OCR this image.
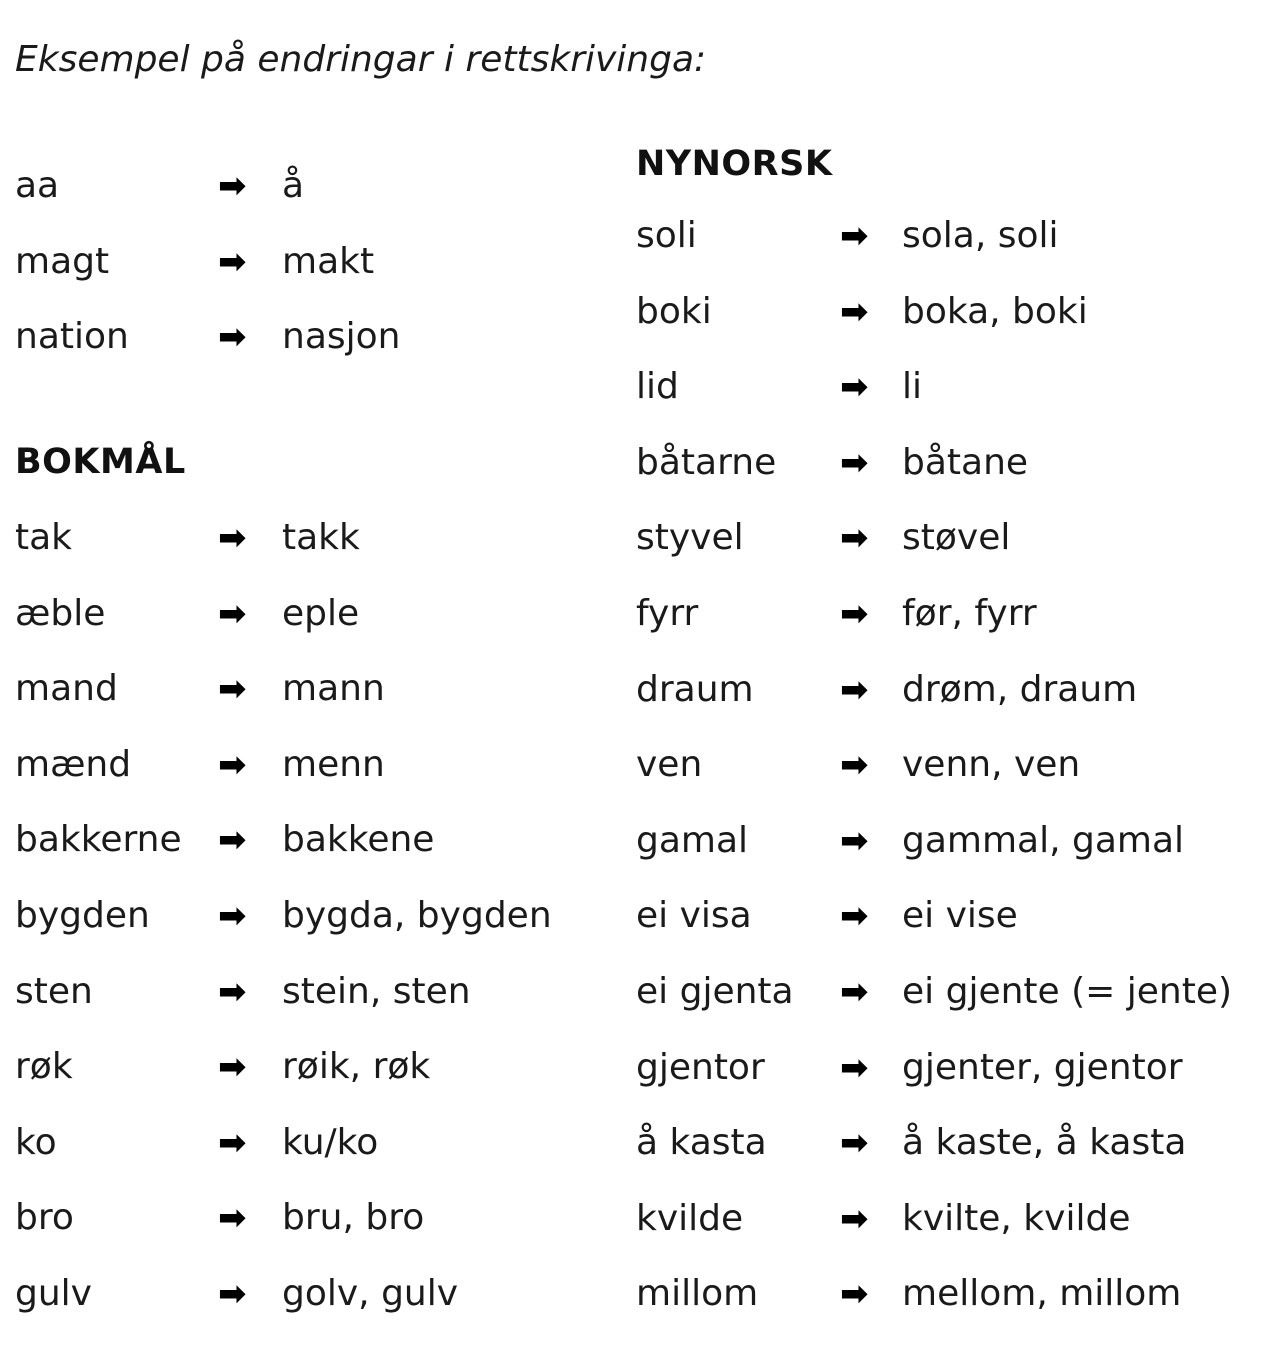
Eksempel på endringar i rettskrivinga:
aa	➡ å
magt	➡ makt
nation	➡ nasjon
BOKMÅL
tak	➡ takk
æble	➡ eple
mand	➡ mann
mænd	➡ menn
bakkerne ➡ bakkene
bygden ➡ bygda, bygden
sten	➡ stein, sten
røk	➡ røik, røk
ko	➡ ku/ko
bro	➡ bru, bro
gulv	➡ golv, gulv
NYNORSK
soli	➡ sola, soli
boki	➡ boka, boki
lid	➡ li
båtarne ➡ båtane
styvel	➡ støvel
fyrr	➡ før, fyrr
draum	➡ drøm, draum
ven	➡ venn, ven
gamal	➡ gammal, gamal
ei visa	➡ ei vise
ei gjenta ➡ ei gjente (= jente)
gjentor ➡ gjenter, gjentor
å kasta ➡ å kaste, å kasta
kvilde	➡ kvilte, kvilde
millom ➡ mellom, millom
